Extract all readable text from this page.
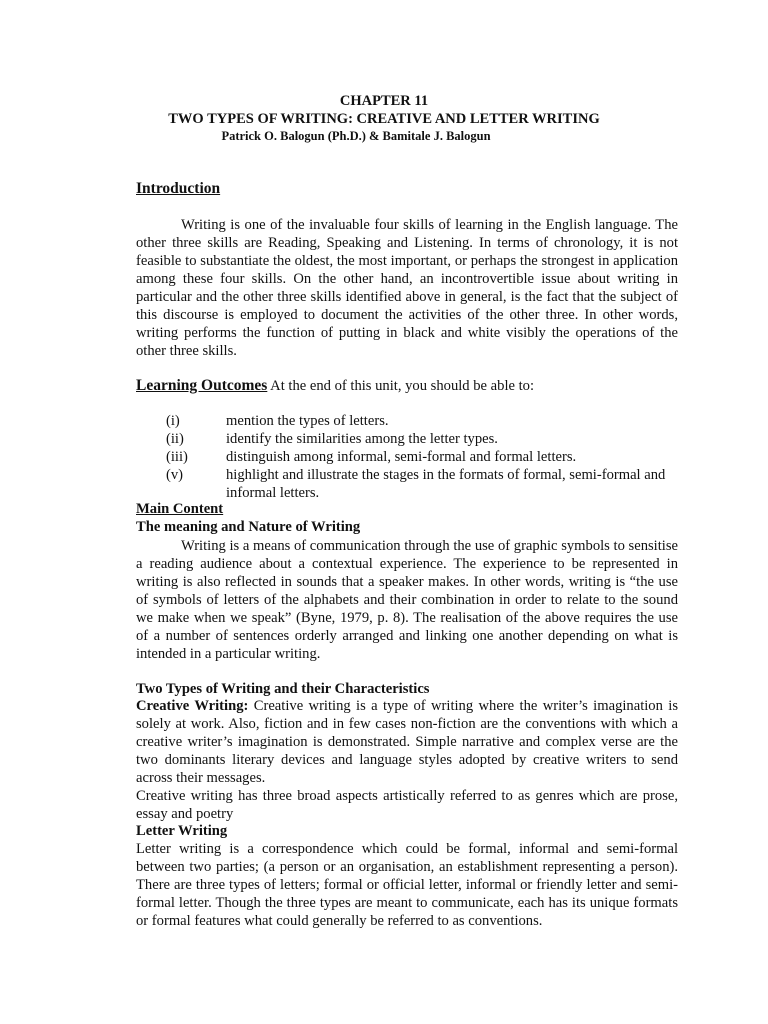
CHAPTER 11
TWO TYPES OF WRITING: CREATIVE AND LETTER WRITING
Patrick O. Balogun (Ph.D.) & Bamitale J. Balogun
Introduction
Writing is one of the invaluable four skills of learning in the English language. The other three skills are Reading, Speaking and Listening. In terms of chronology, it is not feasible to substantiate the oldest, the most important, or perhaps the strongest in application among these four skills. On the other hand, an incontrovertible issue about writing in particular and the other three skills identified above in general, is the fact that the subject of this discourse is employed to document the activities of the other three. In other words, writing performs the function of putting in black and white visibly the operations of the other three skills.
Learning Outcomes At the end of this unit, you should be able to:
(i)	mention the types of letters.
(ii)	identify the similarities among the letter types.
(iii)	distinguish among informal, semi-formal and formal letters.
(v)	highlight and illustrate the stages in the formats of formal, semi-formal and informal letters.
Main Content
The meaning and Nature of Writing
Writing is a means of communication through the use of graphic symbols to sensitise a reading audience about a contextual experience. The experience to be represented in writing is also reflected in sounds that a speaker makes. In other words, writing is “the use of symbols of letters of the alphabets and their combination in order to relate to the sound we make when we speak” (Byne, 1979, p. 8). The realisation of the above requires the use of a number of sentences orderly arranged and linking one another depending on what is intended in a particular writing.
Two Types of Writing and their Characteristics
Creative Writing: Creative writing is a type of writing where the writer’s imagination is solely at work. Also, fiction and in few cases non-fiction are the conventions with which a creative writer’s imagination is demonstrated. Simple narrative and complex verse are the two dominants literary devices and language styles adopted by creative writers to send across their messages.
Creative writing has three broad aspects artistically referred to as genres which are prose, essay and poetry
Letter Writing
Letter writing is a correspondence which could be formal, informal and semi-formal between two parties; (a person or an organisation, an establishment representing a person). There are three types of letters; formal or official letter, informal or friendly letter and semi-formal letter. Though the three types are meant to communicate, each has its unique formats or formal features what could generally be referred to as conventions.
